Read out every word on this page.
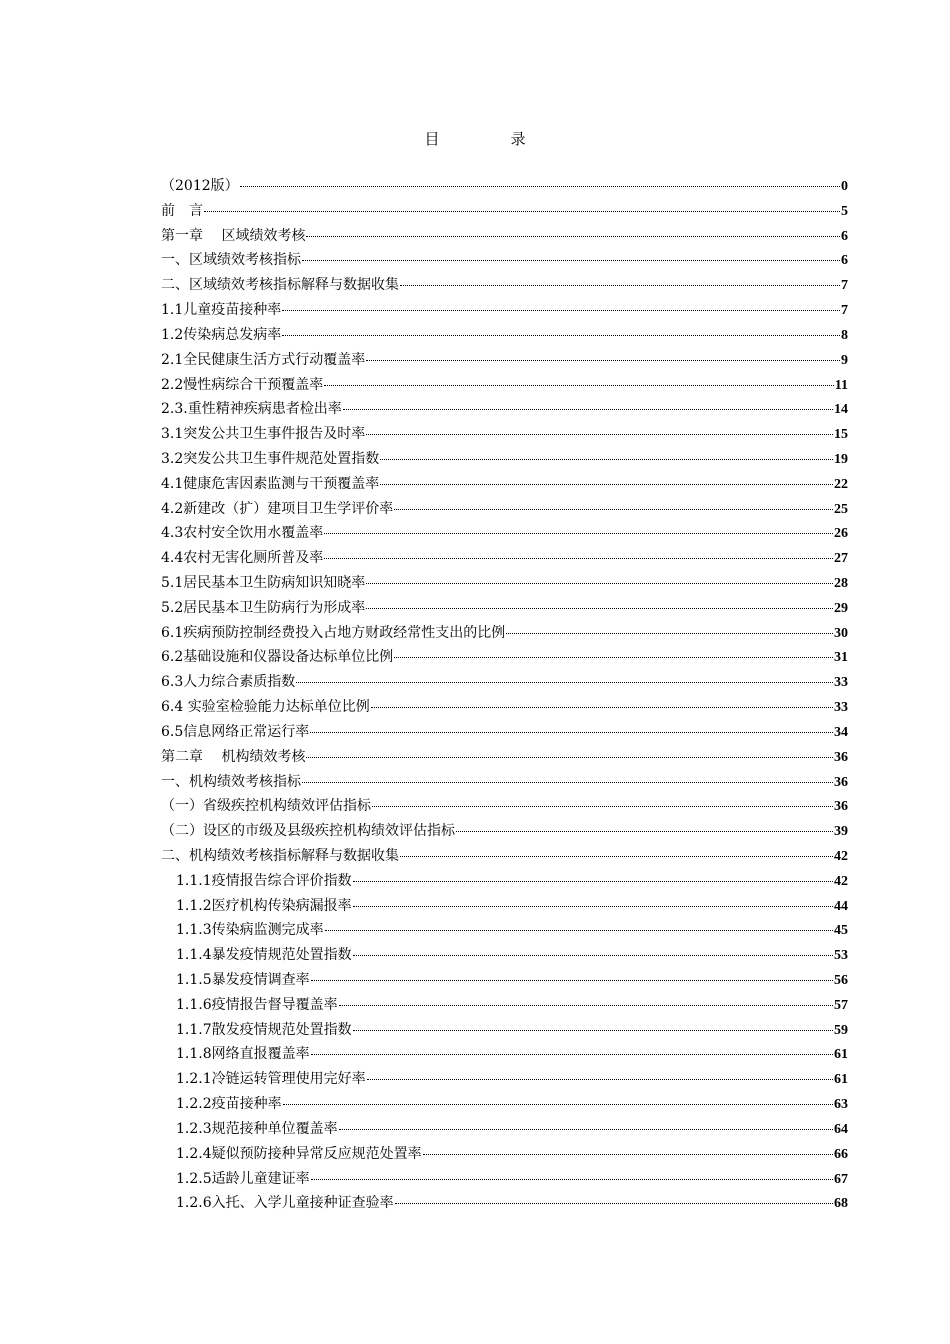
目　录
（2012版）	0
前　言	5
第一章　 区域绩效考核	6
一、区域绩效考核指标	6
二、区域绩效考核指标解释与数据收集	7
1.1儿童疫苗接种率	7
1.2传染病总发病率	8
2.1全民健康生活方式行动覆盖率	9
2.2慢性病综合干预覆盖率	11
2.3.重性精神疾病患者检出率	14
3.1突发公共卫生事件报告及时率	15
3.2突发公共卫生事件规范处置指数	19
4.1健康危害因素监测与干预覆盖率	22
4.2新建改（扩）建项目卫生学评价率	25
4.3农村安全饮用水覆盖率	26
4.4农村无害化厕所普及率	27
5.1居民基本卫生防病知识知晓率	28
5.2居民基本卫生防病行为形成率	29
6.1疾病预防控制经费投入占地方财政经常性支出的比例	30
6.2基础设施和仪器设备达标单位比例	31
6.3人力综合素质指数	33
6.4 实验室检验能力达标单位比例	33
6.5信息网络正常运行率	34
第二章　 机构绩效考核	36
一、机构绩效考核指标	36
（一）省级疾控机构绩效评估指标	36
（二）设区的市级及县级疾控机构绩效评估指标	39
二、机构绩效考核指标解释与数据收集	42
1.1.1疫情报告综合评价指数	42
1.1.2医疗机构传染病漏报率	44
1.1.3传染病监测完成率	45
1.1.4暴发疫情规范处置指数	53
1.1.5暴发疫情调查率	56
1.1.6疫情报告督导覆盖率	57
1.1.7散发疫情规范处置指数	59
1.1.8网络直报覆盖率	61
1.2.1冷链运转管理使用完好率	61
1.2.2疫苗接种率	63
1.2.3规范接种单位覆盖率	64
1.2.4疑似预防接种异常反应规范处置率	66
1.2.5适龄儿童建证率	67
1.2.6入托、入学儿童接种证查验率	68
